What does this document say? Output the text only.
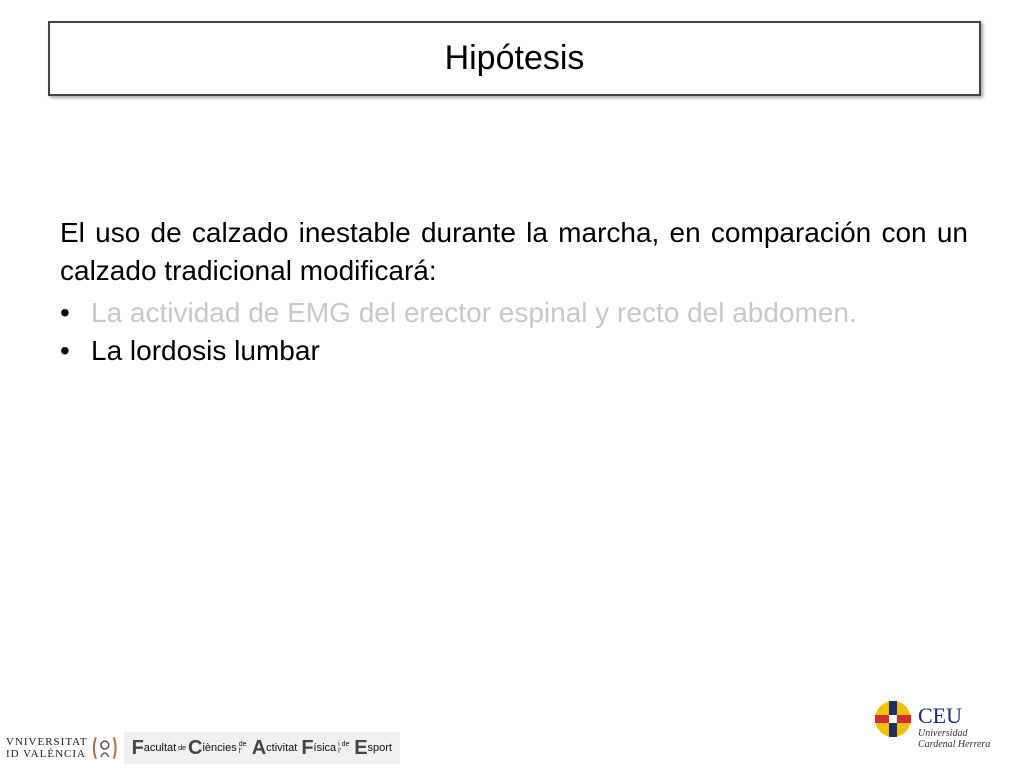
Hipótesis

El uso de calzado inestable durante la marcha, en comparación con un calzado tradicional modificará:

• La actividad de EMG del erector espinal y recto del abdomen.
• La lordosis lumbar
VNIVERSITAT
ID VALÈNCIA F acultat de C iències de l' A ctivitat F ísica i de l' E sport
CEU
Universidad
Cardenal Herrera
